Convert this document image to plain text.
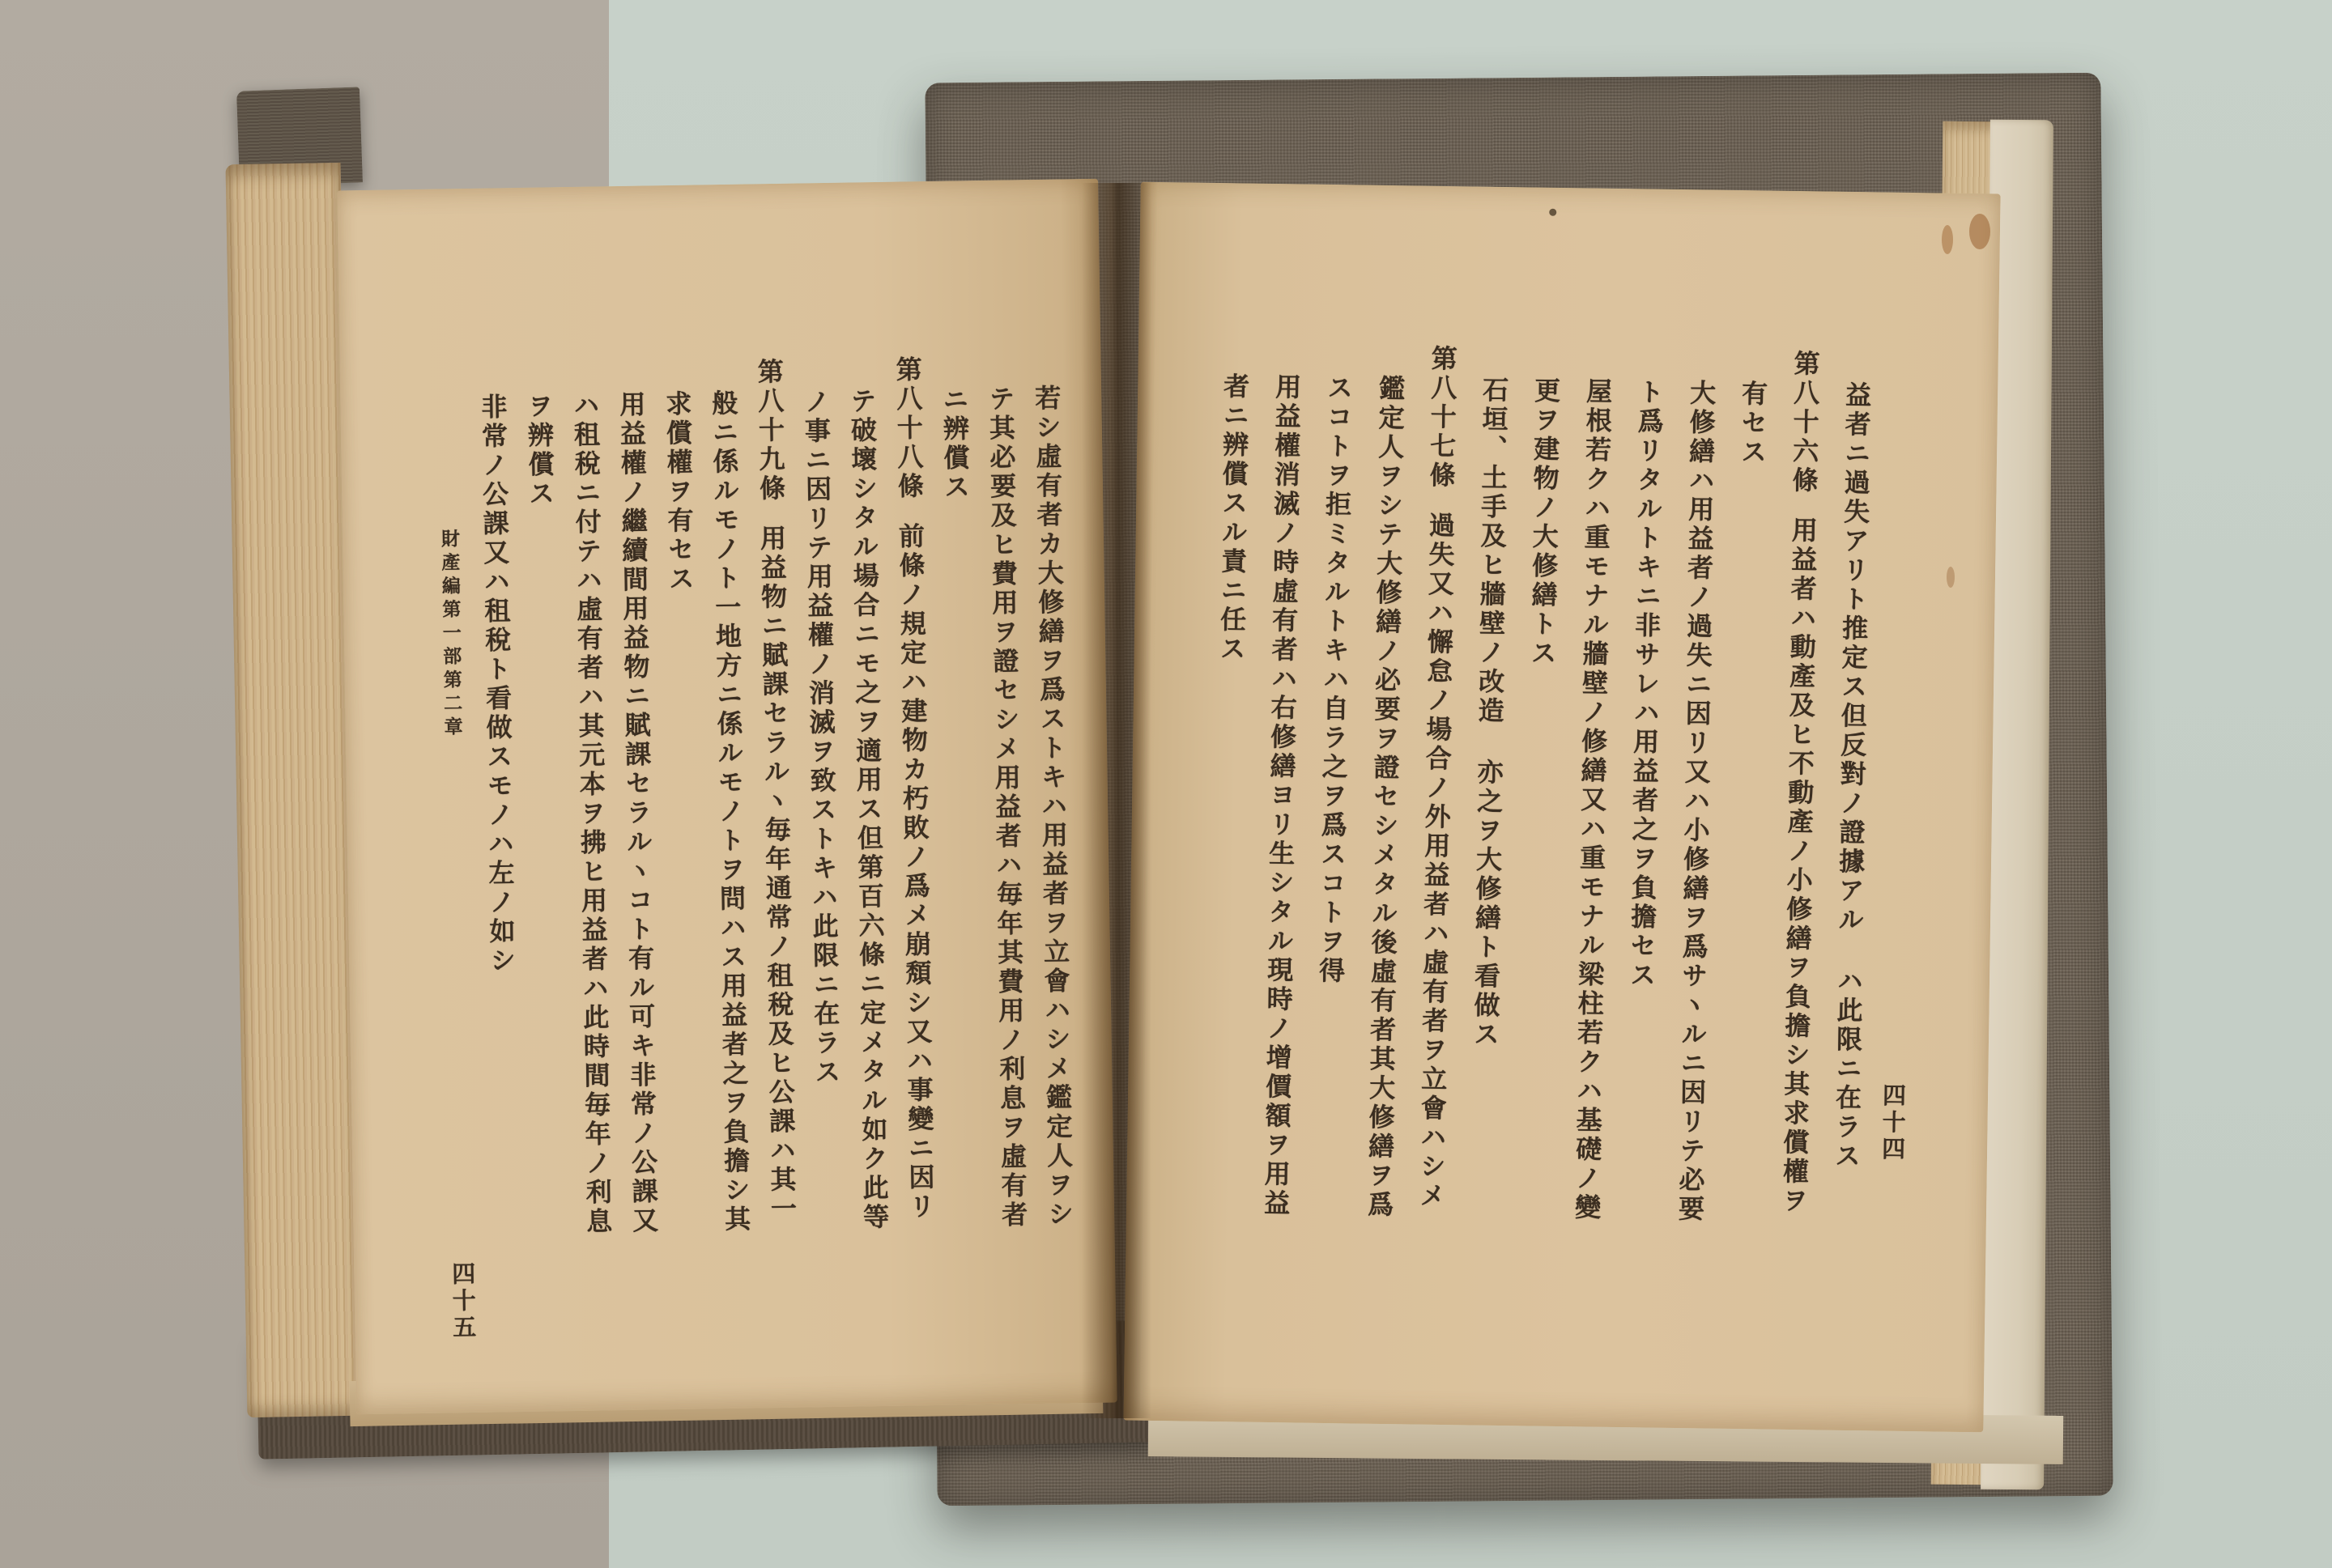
若シ虛有者カ大修繕ヲ爲ストキハ用益者ヲ立會ハシメ鑑定人ヲシ
テ其必要及ヒ費用ヲ證セシメ用益者ハ毎年其費用ノ利息ヲ虛有者
ニ辨償ス
第八十八條前條ノ規定ハ建物カ朽敗ノ爲メ崩頽シ又ハ事變ニ因リ
テ破壞シタル場合ニモ之ヲ適用ス但第百六條ニ定メタル如ク此等
ノ事ニ因リテ用益權ノ消滅ヲ致ストキハ此限ニ在ラス
第八十九條用益物ニ賦課セラルヽ毎年通常ノ租稅及ヒ公課ハ其一
般ニ係ルモノト一地方ニ係ルモノトヲ問ハス用益者之ヲ負擔シ其
求償權ヲ有セス
用益權ノ繼續間用益物ニ賦課セラルヽコト有ル可キ非常ノ公課又
ハ租稅ニ付テハ虛有者ハ其元本ヲ拂ヒ用益者ハ此時間毎年ノ利息
ヲ辨償ス
非常ノ公課又ハ租稅ト看做スモノハ左ノ如シ
財產編第一部第二章
四十五
益者ニ過失アリト推定ス但反對ノ證據アル𪜈ハ此限ニ在ラス
第八十六條用益者ハ動產及ヒ不動產ノ小修繕ヲ負擔シ其求償權ヲ
有セス
大修繕ハ用益者ノ過失ニ因リ又ハ小修繕ヲ爲サヽルニ因リテ必要
ト爲リタルトキニ非サレハ用益者之ヲ負擔セス
屋根若クハ重モナル牆壁ノ修繕又ハ重モナル梁柱若クハ基礎ノ變
更ヲ建物ノ大修繕トス
石垣、土手及ヒ牆壁ノ改造𪜈亦之ヲ大修繕ト看做ス
第八十七條過失又ハ懈怠ノ場合ノ外用益者ハ虛有者ヲ立會ハシメ
鑑定人ヲシテ大修繕ノ必要ヲ證セシメタル後虛有者其大修繕ヲ爲
スコトヲ拒ミタルトキハ自ラ之ヲ爲スコトヲ得
用益權消滅ノ時虛有者ハ右修繕ヨリ生シタル現時ノ增價額ヲ用益
者ニ辨償スル責ニ任ス
四十四
